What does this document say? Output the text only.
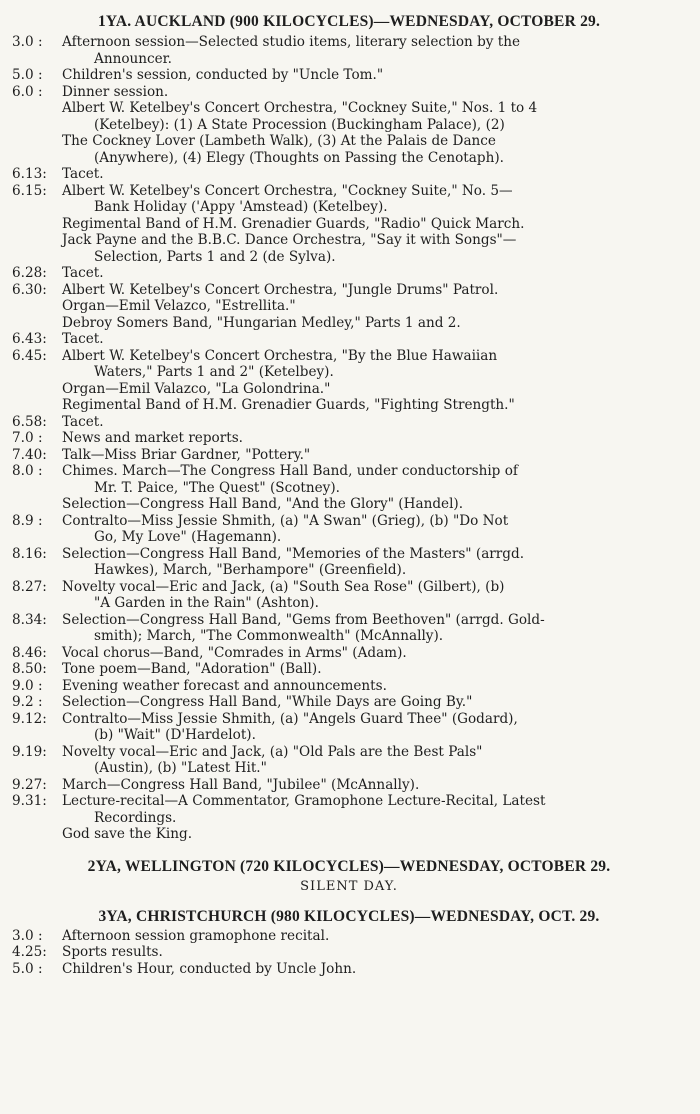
1YA. AUCKLAND (900 KILOCYCLES)—WEDNESDAY, OCTOBER 29.
3.0 :	Afternoon session—Selected studio items, literary selection by the
Announcer.
5.0 :	Children's session, conducted by "Uncle Tom."
6.0 :	Dinner session.
Albert W. Ketelbey's Concert Orchestra, "Cockney Suite," Nos. 1 to 4
(Ketelbey): (1) A State Procession (Buckingham Palace), (2)
The Cockney Lover (Lambeth Walk), (3) At the Palais de Dance
(Anywhere), (4) Elegy (Thoughts on Passing the Cenotaph).
6.13:	Tacet.
6.15:	Albert W. Ketelbey's Concert Orchestra, "Cockney Suite," No. 5—
Bank Holiday ('Appy 'Amstead) (Ketelbey).
Regimental Band of H.M. Grenadier Guards, "Radio" Quick March.
Jack Payne and the B.B.C. Dance Orchestra, "Say it with Songs"—
Selection, Parts 1 and 2 (de Sylva).
6.28:	Tacet.
6.30:	Albert W. Ketelbey's Concert Orchestra, "Jungle Drums" Patrol.
Organ—Emil Velazco, "Estrellita."
Debroy Somers Band, "Hungarian Medley," Parts 1 and 2.
6.43:	Tacet.
6.45:	Albert W. Ketelbey's Concert Orchestra, "By the Blue Hawaiian
Waters," Parts 1 and 2" (Ketelbey).
Organ—Emil Valazco, "La Golondrina."
Regimental Band of H.M. Grenadier Guards, "Fighting Strength."
6.58:	Tacet.
7.0 :	News and market reports.
7.40:	Talk—Miss Briar Gardner, "Pottery."
8.0 :	Chimes. March—The Congress Hall Band, under conductorship of
Mr. T. Paice, "The Quest" (Scotney).
Selection—Congress Hall Band, "And the Glory" (Handel).
8.9 :	Contralto—Miss Jessie Shmith, (a) "A Swan" (Grieg), (b) "Do Not
Go, My Love" (Hagemann).
8.16:	Selection—Congress Hall Band, "Memories of the Masters" (arrgd.
Hawkes), March, "Berhampore" (Greenfield).
8.27:	Novelty vocal—Eric and Jack, (a) "South Sea Rose" (Gilbert), (b)
"A Garden in the Rain" (Ashton).
8.34:	Selection—Congress Hall Band, "Gems from Beethoven" (arrgd. Gold-
smith); March, "The Commonwealth" (McAnnally).
8.46:	Vocal chorus—Band, "Comrades in Arms" (Adam).
8.50:	Tone poem—Band, "Adoration" (Ball).
9.0 :	Evening weather forecast and announcements.
9.2 :	Selection—Congress Hall Band, "While Days are Going By."
9.12:	Contralto—Miss Jessie Shmith, (a) "Angels Guard Thee" (Godard),
(b) "Wait" (D'Hardelot).
9.19:	Novelty vocal—Eric and Jack, (a) "Old Pals are the Best Pals"
(Austin), (b) "Latest Hit."
9.27:	March—Congress Hall Band, "Jubilee" (McAnnally).
9.31:	Lecture-recital—A Commentator, Gramophone Lecture-Recital, Latest
Recordings.
God save the King.
2YA, WELLINGTON (720 KILOCYCLES)—WEDNESDAY, OCTOBER 29.
SILENT DAY.
3YA, CHRISTCHURCH (980 KILOCYCLES)—WEDNESDAY, OCT. 29.
3.0 :	Afternoon session gramophone recital.
4.25:	Sports results.
5.0 :	Children's Hour, conducted by Uncle John.
